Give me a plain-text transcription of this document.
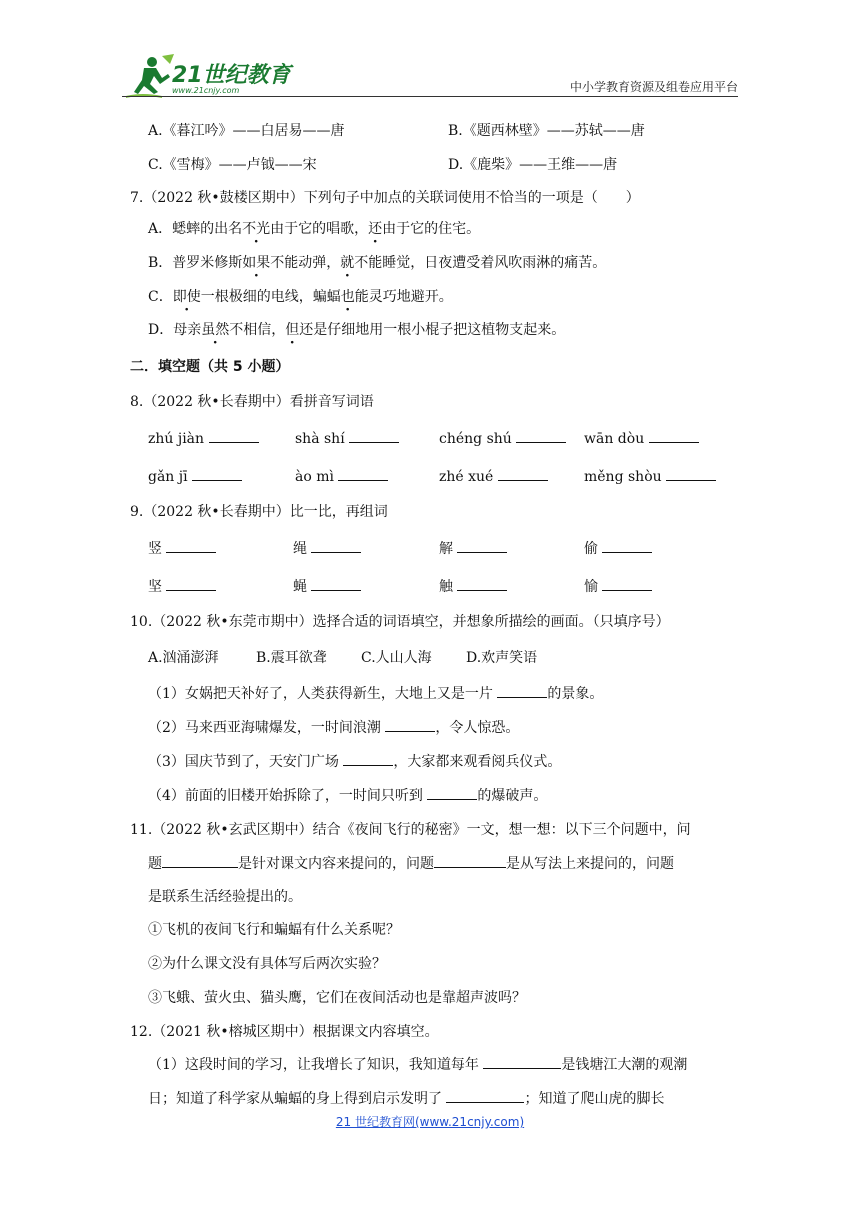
21世纪教育
www.21cnjy.com	中小学教育资源及组卷应用平台
A.《暮江吟》——白居易——唐	B.《题西林壁》——苏轼——唐
C.《雪梅》——卢钺——宋	D.《鹿柴》——王维——唐
7.（2022 秋•鼓楼区期中）下列句子中加点的关联词使用不恰当的一项是（　　）
A．蟋蟀的出名不光由于它的唱歌，还由于它的住宅。
B．普罗米修斯如果不能动弹，就不能睡觉，日夜遭受着风吹雨淋的痛苦。
C．即使一根极细的电线，蝙蝠也能灵巧地避开。
D．母亲虽然不相信，但还是仔细地用一根小棍子把这植物支起来。
二．填空题（共 5 小题）
8.（2022 秋•长春期中）看拼音写词语
zhú jiàn	shà shí	chéng shú	wān dòu
gǎn jī	ào mì	zhé xué	měng shòu
9.（2022 秋•长春期中）比一比，再组词
竖	绳	解	偷
坚	蝇	触	愉
10.（2022 秋•东莞市期中）选择合适的词语填空，并想象所描绘的画面。（只填序号）
A.汹涌澎湃	B.震耳欲聋 C.人山人海 D.欢声笑语
（1）女娲把天补好了，人类获得新生，大地上又是一片	的景象。
（2）马来西亚海啸爆发，一时间浪潮	，令人惊恐。
（3）国庆节到了，天安门广场	，大家都来观看阅兵仪式。
（4）前面的旧楼开始拆除了，一时间只听到	的爆破声。
11.（2022 秋•玄武区期中）结合《夜间飞行的秘密》一文，想一想：以下三个问题中，问
题	是针对课文内容来提问的，问题	是从写法上来提问的，问题
是联系生活经验提出的。
①飞机的夜间飞行和蝙蝠有什么关系呢？
②为什么课文没有具体写后两次实验？
③飞蛾、萤火虫、猫头鹰，它们在夜间活动也是靠超声波吗？
12.（2021 秋•榕城区期中）根据课文内容填空。
（1）这段时间的学习，让我增长了知识，我知道每年	是钱塘江大潮的观潮
日；知道了科学家从蝙蝠的身上得到启示发明了	；知道了爬山虎的脚长
21 世纪教育网(www.21cnjy.com)
